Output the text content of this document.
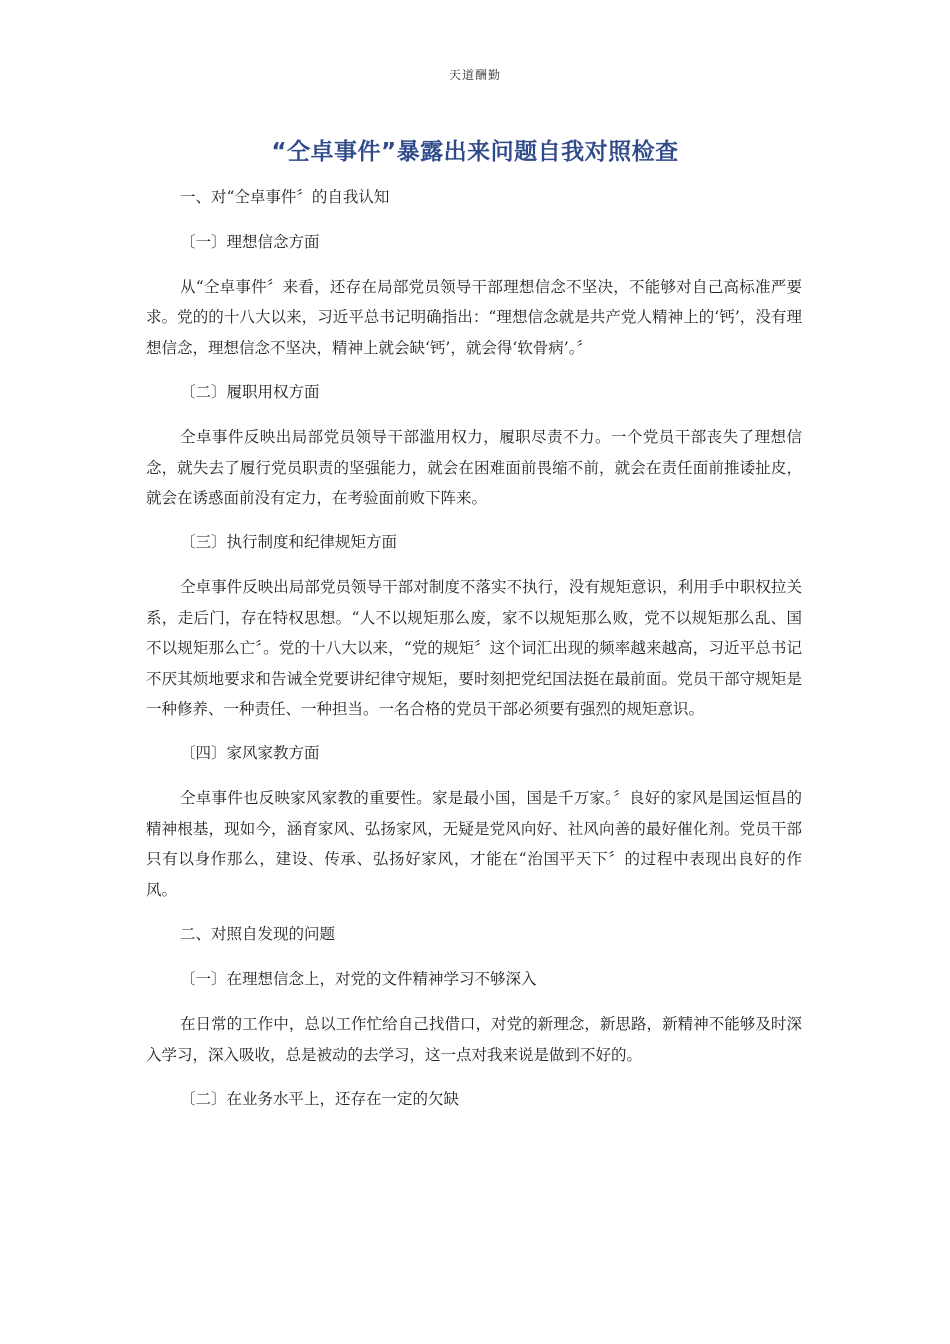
天道酬勤
“仝卓事件”暴露出来问题自我对照检查
一、对“仝卓事件〞的自我认知
〔一〕理想信念方面

从“仝卓事件〞来看，还存在局部党员领导干部理想信念不坚决，不能够对自己高标准严要求。党的的十八大以来，习近平总书记明确指出：“理想信念就是共产党人精神上的‘钙’，没有理想信念，理想信念不坚决，精神上就会缺‘钙’，就会得‘软骨病’。〞

〔二〕履职用权方面

仝卓事件反映出局部党员领导干部滥用权力，履职尽责不力。一个党员干部丧失了理想信念，就失去了履行党员职责的坚强能力，就会在困难面前畏缩不前，就会在责任面前推诿扯皮，就会在诱惑面前没有定力，在考验面前败下阵来。

〔三〕执行制度和纪律规矩方面

仝卓事件反映出局部党员领导干部对制度不落实不执行，没有规矩意识，利用手中职权拉关系，走后门，存在特权思想。“人不以规矩那么废，家不以规矩那么败，党不以规矩那么乱、国不以规矩那么亡〞。党的十八大以来，“党的规矩〞这个词汇出现的频率越来越高，习近平总书记不厌其烦地要求和告诫全党要讲纪律守规矩，要时刻把党纪国法挺在最前面。党员干部守规矩是一种修养、一种责任、一种担当。一名合格的党员干部必须要有强烈的规矩意识。

〔四〕家风家教方面

仝卓事件也反映家风家教的重要性。家是最小国，国是千万家。〞良好的家风是国运恒昌的精神根基，现如今，涵育家风、弘扬家风，无疑是党风向好、社风向善的最好催化剂。党员干部只有以身作那么，建设、传承、弘扬好家风，才能在“治国平天下〞的过程中表现出良好的作风。

二、对照自发现的问题
〔一〕在理想信念上，对党的文件精神学习不够深入

在日常的工作中，总以工作忙给自己找借口，对党的新理念，新思路，新精神不能够及时深入学习，深入吸收，总是被动的去学习，这一点对我来说是做到不好的。

〔二〕在业务水平上，还存在一定的欠缺
